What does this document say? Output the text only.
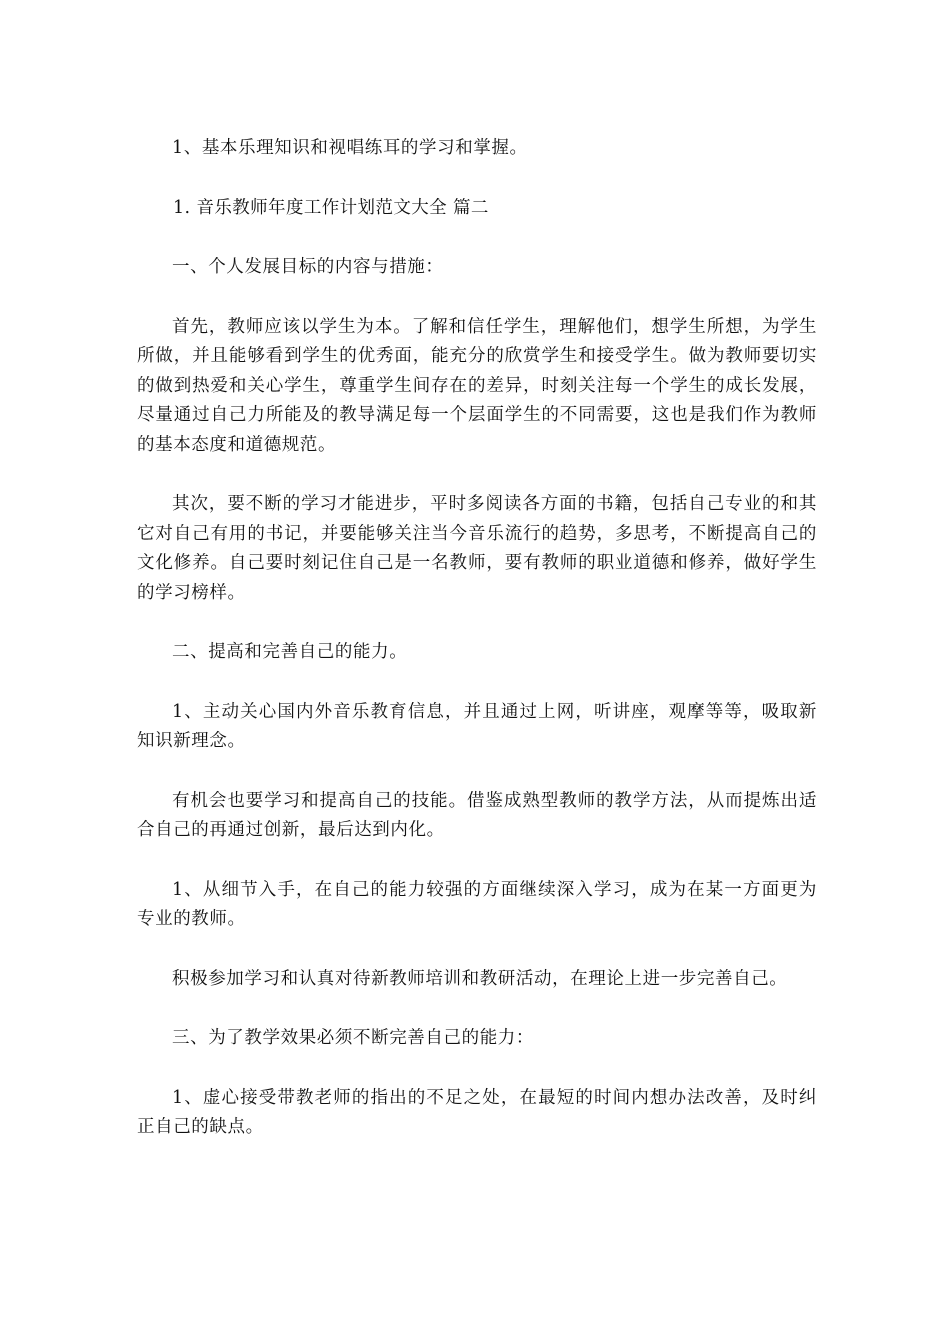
1、基本乐理知识和视唱练耳的学习和掌握。

1. 音乐教师年度工作计划范文大全 篇二

一、个人发展目标的内容与措施：

首先，教师应该以学生为本。了解和信任学生，理解他们，想学生所想，为学生所做，并且能够看到学生的优秀面，能充分的欣赏学生和接受学生。做为教师要切实的做到热爱和关心学生，尊重学生间存在的差异，时刻关注每一个学生的成长发展，尽量通过自己力所能及的教导满足每一个层面学生的不同需要，这也是我们作为教师的基本态度和道德规范。

其次，要不断的学习才能进步，平时多阅读各方面的书籍，包括自己专业的和其它对自己有用的书记，并要能够关注当今音乐流行的趋势，多思考，不断提高自己的文化修养。自己要时刻记住自己是一名教师，要有教师的职业道德和修养，做好学生的学习榜样。

二、提高和完善自己的能力。

1、主动关心国内外音乐教育信息，并且通过上网，听讲座，观摩等等，吸取新知识新理念。

有机会也要学习和提高自己的技能。借鉴成熟型教师的教学方法，从而提炼出适合自己的再通过创新，最后达到内化。

1、从细节入手，在自己的能力较强的方面继续深入学习，成为在某一方面更为专业的教师。

积极参加学习和认真对待新教师培训和教研活动，在理论上进一步完善自己。

三、为了教学效果必须不断完善自己的能力：

1、虚心接受带教老师的指出的不足之处，在最短的时间内想办法改善，及时纠正自己的缺点。
